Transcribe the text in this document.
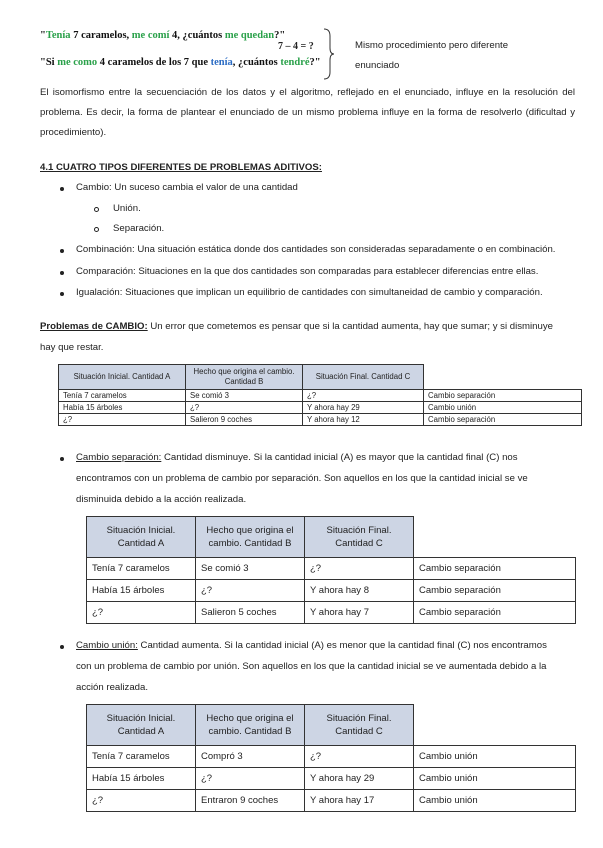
"Tenía 7 caramelos, me comí 4, ¿cuántos me quedan?"
7 – 4 = ?
"Si me como 4 caramelos de los 7 que tenía, ¿cuántos tendré?"
Mismo procedimiento pero diferente
enunciado
El isomorfismo entre la secuenciación de los datos y el algoritmo, reflejado en el enunciado, influye en la resolución del problema. Es decir, la forma de plantear el enunciado de un mismo problema influye en la forma de resolverlo (dificultad y procedimiento).
4.1 CUATRO TIPOS DIFERENTES DE PROBLEMAS ADITIVOS:
Cambio: Un suceso cambia el valor de una cantidad
Unión.
Separación.
Combinación: Una situación estática donde dos cantidades son consideradas separadamente o en combinación.
Comparación: Situaciones en la que dos cantidades son comparadas para establecer diferencias entre ellas.
Igualación: Situaciones que implican un equilibrio de cantidades con simultaneidad de cambio y comparación.
Problemas de CAMBIO: Un error que cometemos es pensar que si la cantidad aumenta, hay que sumar; y si disminuye
hay que restar.
Situación Inicial. Cantidad A	Hecho que origina el cambio. Cantidad B	Situación Final. Cantidad C	
Tenía 7 caramelos	Se comió 3	¿?	Cambio separación
Había 15 árboles	¿?	Y ahora hay 29	Cambio unión
¿?	Salieron 9 coches	Y ahora hay 12	Cambio separación
Cambio separación: Cantidad disminuye. Si la cantidad inicial (A) es mayor que la cantidad final (C) nos
encontramos con un problema de cambio por separación. Son aquellos en los que la cantidad inicial se ve
disminuida debido a la acción realizada.
Situación Inicial. Cantidad A	Hecho que origina el cambio. Cantidad B	Situación Final. Cantidad C	
Tenía 7 caramelos	Se comió 3	¿?	Cambio separación
Había 15 árboles	¿?	Y ahora hay 8	Cambio separación
¿?	Salieron 5 coches	Y ahora hay 7	Cambio separación
Cambio unión: Cantidad aumenta. Si la cantidad inicial (A) es menor que la cantidad final (C) nos encontramos
con un problema de cambio por unión. Son aquellos en los que la cantidad inicial se ve aumentada debido a la
acción realizada.
Situación Inicial. Cantidad A	Hecho que origina el cambio. Cantidad B	Situación Final. Cantidad C	
Tenía 7 caramelos	Compró 3	¿?	Cambio unión
Había 15 árboles	¿?	Y ahora hay 29	Cambio unión
¿?	Entraron 9 coches	Y ahora hay 17	Cambio unión
